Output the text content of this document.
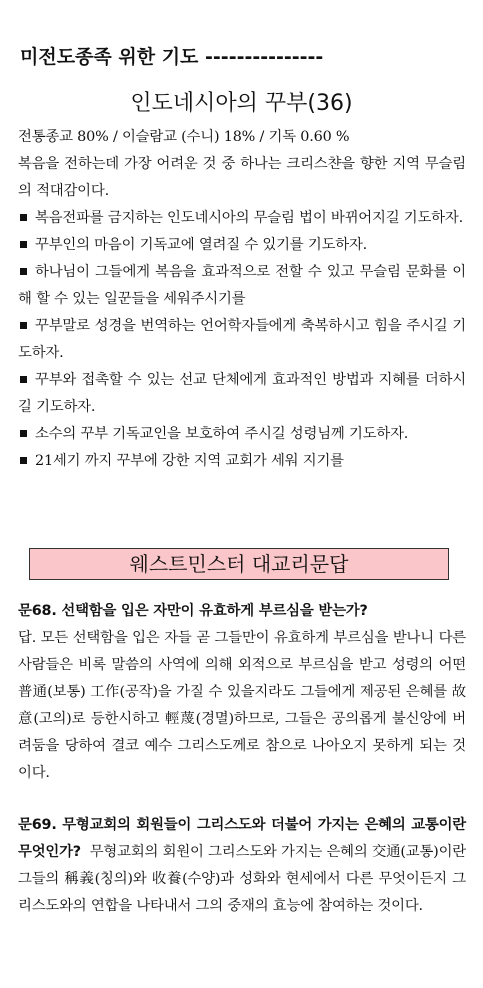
미전도종족 위한 기도 ---------------
인도네시아의 꾸부(36)
전통종교 80% / 이슬람교 (수니) 18% / 기독 0.60 %
복음을 전하는데 가장 어려운 것 중 하나는 크리스챤을 향한 지역 무슬림의 적대감이다.
복음전파를 금지하는 인도네시아의 무슬림 법이 바뀌어지길 기도하자.
꾸부인의 마음이 기독교에 열려질 수 있기를 기도하자.
하나님이 그들에게 복음을 효과적으로 전할 수 있고 무슬림 문화를 이해 할 수 있는 일꾼들을 세워주시기를
꾸부말로 성경을 번역하는 언어학자들에게 축복하시고 힘을 주시길 기도하자.
꾸부와 접촉할 수 있는 선교 단체에게 효과적인 방법과 지혜를 더하시길 기도하자.
소수의 꾸부 기독교인을 보호하여 주시길 성령님께 기도하자.
21세기 까지 꾸부에 강한 지역 교회가 세워 지기를
웨스트민스터 대교리문답

문68. 선택함을 입은 자만이 유효하게 부르심을 받는가?

답. 모든 선택함을 입은 자들 곧 그들만이 유효하게 부르심을 받나니 다른 사람들은 비록 말씀의 사역에 의해 외적으로 부르심을 받고 성령의 어떤 普通(보통) 工作(공작)을 가질 수 있을지라도 그들에게 제공된 은혜를 故意(고의)로 등한시하고 輕蔑(경멸)하므로, 그들은 공의롭게 불신앙에 버려둠을 당하여 결코 예수 그리스도께로 참으로 나아오지 못하게 되는 것이다.

문69. 무형교회의 회원들이 그리스도와 더불어 가지는 은혜의 교통이란 무엇인가? 무형교회의 회원이 그리스도와 가지는 은혜의 交通(교통)이란 그들의 稱義(칭의)와 收養(수양)과 성화와 현세에서 다른 무엇이든지 그리스도와의 연합을 나타내서 그의 중재의 효능에 참여하는 것이다.
